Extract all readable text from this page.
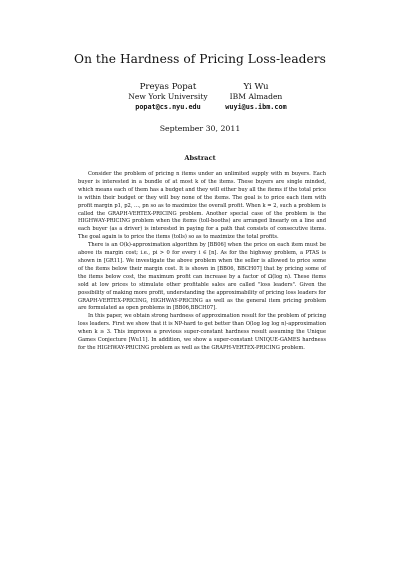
On the Hardness of Pricing Loss-leaders
Preyas Popat
New York University
popat@cs.nyu.edu
Yi Wu
IBM Almaden
wuyi@us.ibm.com
September 30, 2011
Abstract

Consider the problem of pricing n items under an unlimited supply with m buyers. Each buyer is interested in a bundle of at most k of the items. These buyers are single minded, which means each of them has a budget and they will either buy all the items if the total price is within their budget or they will buy none of the items. The goal is to price each item with profit margin p1, p2, ..., pn so as to maximize the overall profit. When k = 2, such a problem is called the GRAPH-VERTEX-PRICING problem. Another special case of the problem is the HIGHWAY-PRICING problem when the items (toll-booths) are arranged linearly on a line and each buyer (as a driver) is interested in paying for a path that consists of consecutive items. The goal again is to price the items (tolls) so as to maximize the total profits.

There is an O(k)-approximation algorithm by [BB06] when the price on each item must be above its margin cost; i.e., pi > 0 for every i ∈ [n]. As for the highway problem, a PTAS is shown in [GR11]. We investigate the above problem when the seller is allowed to price some of the items below their margin cost. It is shown in [BB06, BBCH07] that by pricing some of the items below cost, the maximum profit can increase by a factor of Ω(log n). These items sold at low prices to stimulate other profitable sales are called "loss leaders". Given the possibility of making more profit, understanding the approximability of pricing loss leaders for GRAPH-VERTEX-PRICING, HIGHWAY-PRICING as well as the general item pricing problem are formulated as open problems in [BB06,BBCH07].

In this paper, we obtain strong hardness of approximation result for the problem of pricing loss leaders. First we show that it is NP-hard to get better than O(log log log n)-approximation when k ≥ 3. This improves a previous super-constant hardness result assuming the Unique Games Conjecture [Wu11]. In addition, we show a super-constant UNIQUE-GAMES hardness for the HIGHWAY-PRICING problem as well as the GRAPH-VERTEX-PRICING problem.
